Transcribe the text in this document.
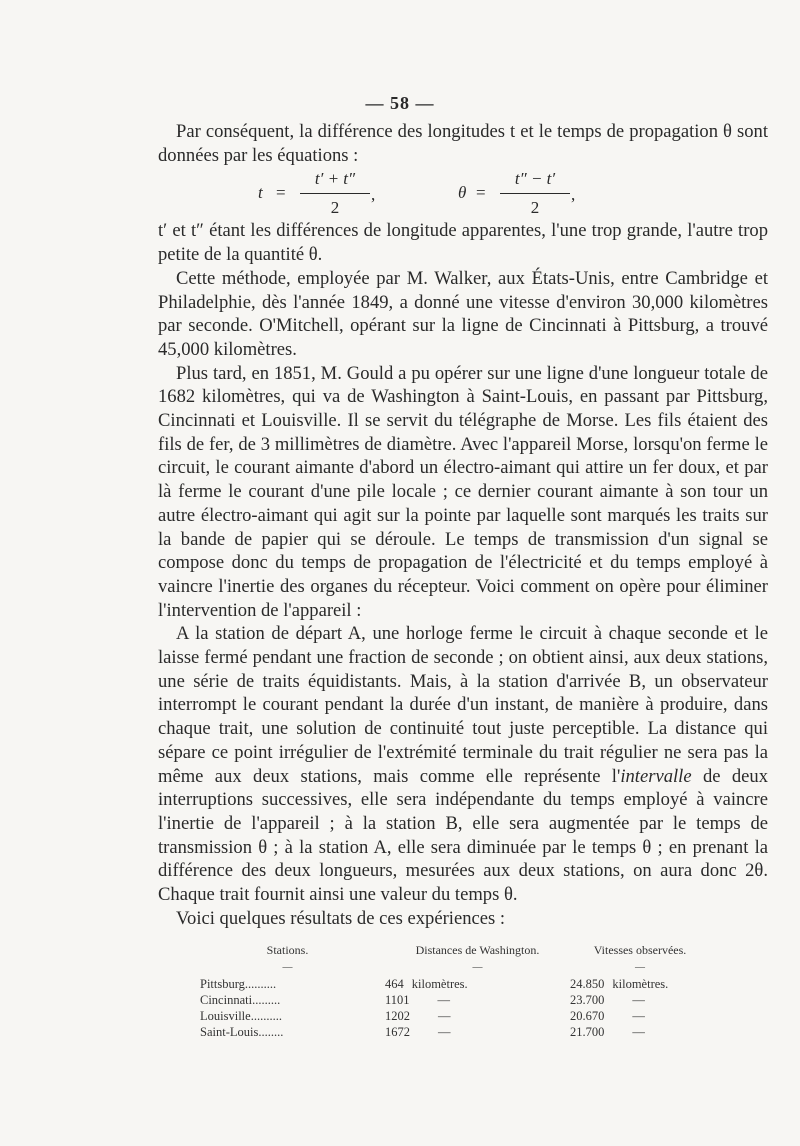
— 58 —

Par conséquent, la différence des longitudes t et le temps de propagation θ sont données par les équations :

t =
t′ + t″
2
,	θ =
t″ − t′
2
,

t′ et t″ étant les différences de longitude apparentes, l'une trop grande, l'autre trop petite de la quantité θ.

Cette méthode, employée par M. Walker, aux États-Unis, entre Cambridge et Philadelphie, dès l'année 1849, a donné une vitesse d'environ 30,000 kilomètres par seconde. O'Mitchell, opérant sur la ligne de Cincinnati à Pittsburg, a trouvé 45,000 kilomètres.

Plus tard, en 1851, M. Gould a pu opérer sur une ligne d'une longueur totale de 1682 kilomètres, qui va de Washington à Saint-Louis, en passant par Pittsburg, Cincinnati et Louisville. Il se servit du télégraphe de Morse. Les fils étaient des fils de fer, de 3 millimètres de diamètre. Avec l'appareil Morse, lorsqu'on ferme le circuit, le courant aimante d'abord un électro-aimant qui attire un fer doux, et par là ferme le courant d'une pile locale ; ce dernier courant aimante à son tour un autre électro-aimant qui agit sur la pointe par laquelle sont marqués les traits sur la bande de papier qui se déroule. Le temps de transmission d'un signal se compose donc du temps de propagation de l'électricité et du temps employé à vaincre l'inertie des organes du récepteur. Voici comment on opère pour éliminer l'intervention de l'appareil :

A la station de départ A, une horloge ferme le circuit à chaque seconde et le laisse fermé pendant une fraction de seconde ; on obtient ainsi, aux deux stations, une série de traits équidistants. Mais, à la station d'arrivée B, un observateur interrompt le courant pendant la durée d'un instant, de manière à produire, dans chaque trait, une solution de continuité tout juste perceptible. La distance qui sépare ce point irrégulier de l'extrémité terminale du trait régulier ne sera pas la même aux deux stations, mais comme elle représente l'intervalle de deux interruptions successives, elle sera indépendante du temps employé à vaincre l'inertie de l'appareil ; à la station B, elle sera augmentée par le temps de transmission θ ; à la station A, elle sera diminuée par le temps θ ; en prenant la différence des deux longueurs, mesurées aux deux stations, on aura donc 2θ. Chaque trait fournit ainsi une valeur du temps θ.

Voici quelques résultats de ces expériences :

Stations.	Distances de Washington.	Vitesses observées.
—	—	—
Pittsburg..........	464 kilomètres.	24.850 kilomètres.
Cincinnati.........	1101 —	23.700 —
Louisville..........	1202 —	20.670 —
Saint-Louis........	1672 —	21.700 —
